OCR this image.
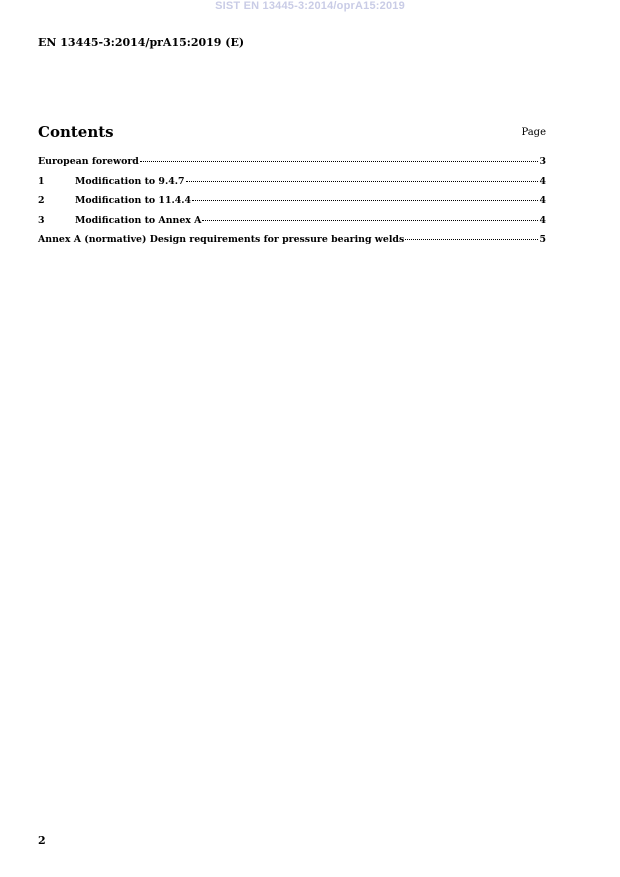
SIST EN 13445-3:2014/oprA15:2019
EN 13445-3:2014/prA15:2019 (E)
Contents	Page
European foreword	3
1	Modification to 9.4.7	4
2	Modification to 11.4.4	4
3	Modification to Annex A	4
Annex A (normative) Design requirements for pressure bearing welds	5
2
